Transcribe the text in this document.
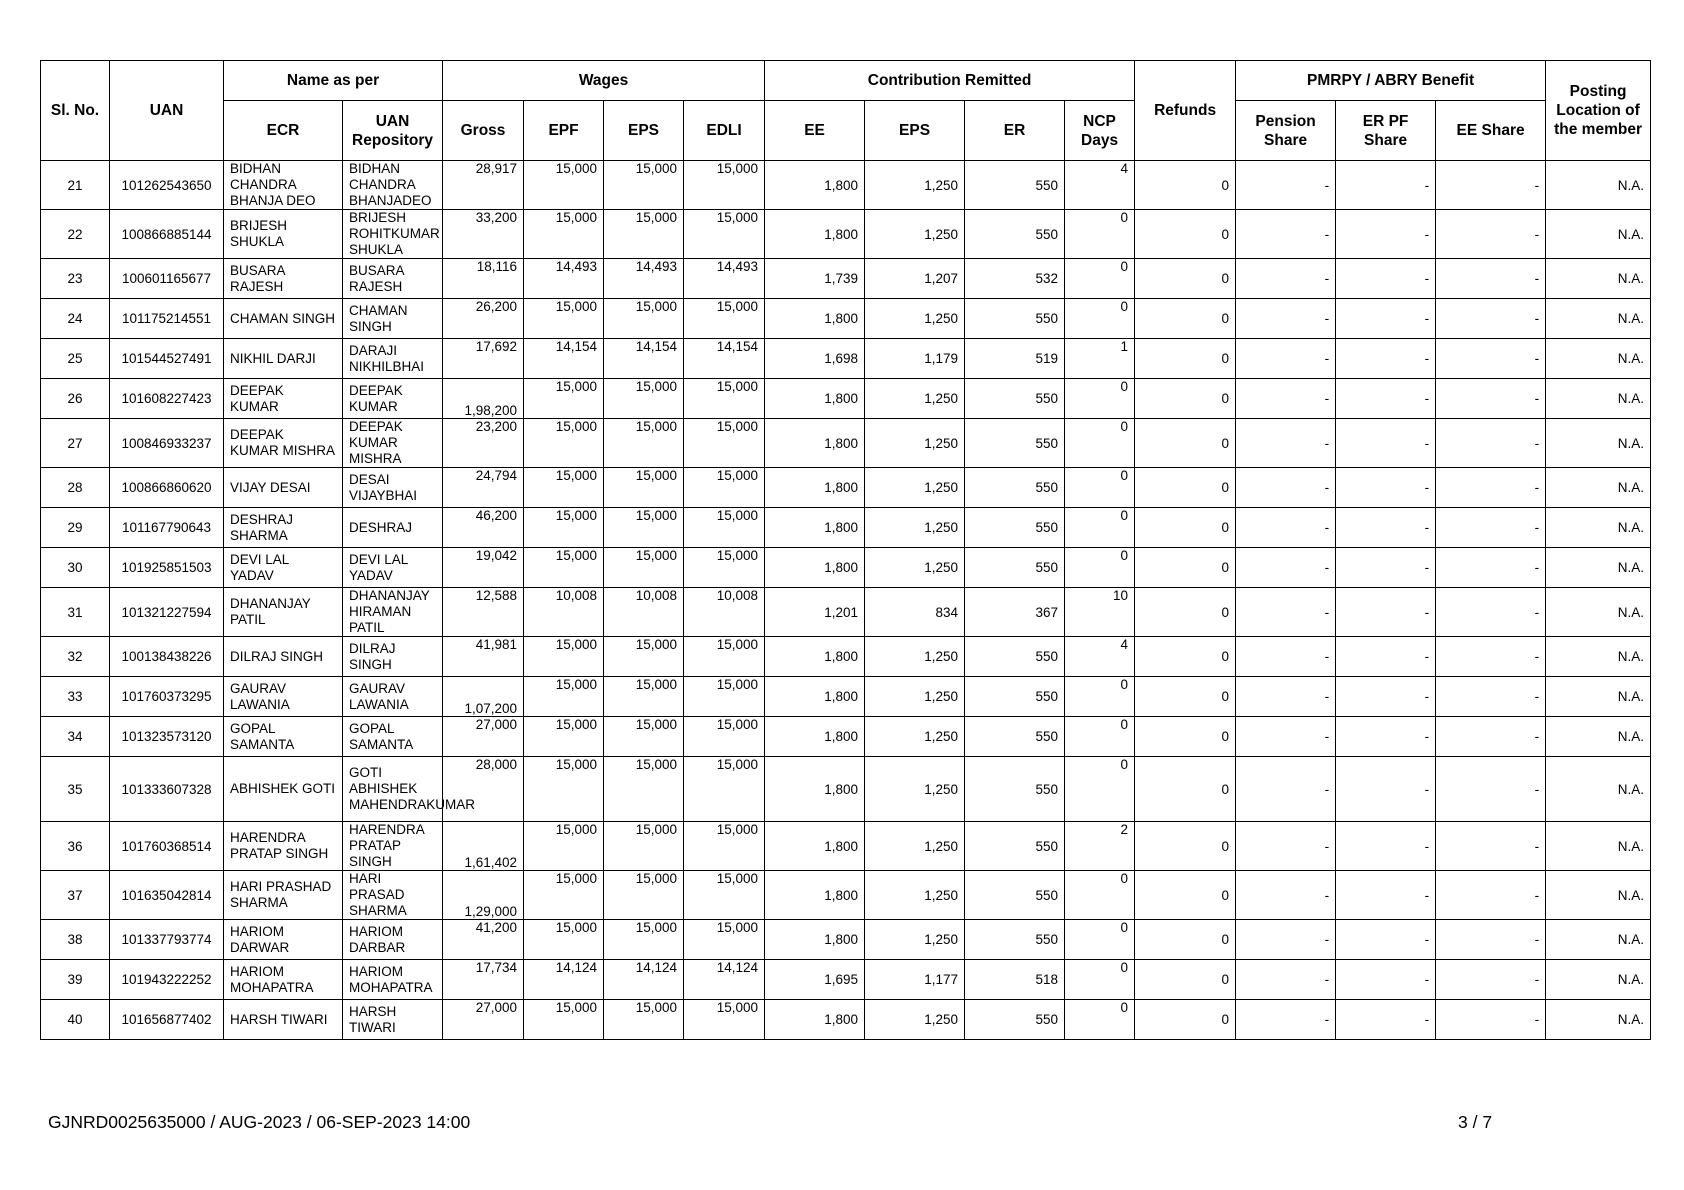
Sl. No.	UAN	Name as per		Wages				Contribution Remitted				Refunds	PMRPY / ABRY Benefit			Posting Location of the member
		ECR	UAN Repository	Gross	EPF	EPS	EDLI	EE	EPS	ER	NCP Days		Pension Share	ER PF Share	EE Share	
21	101262543650	BIDHAN CHANDRA BHANJA DEO	BIDHAN CHANDRA BHANJADEO	28,917	15,000	15,000	15,000	1,800	1,250	550	4	0	-	-	-	N.A.
22	100866885144	BRIJESH SHUKLA	BRIJESH ROHITKUMAR SHUKLA	33,200	15,000	15,000	15,000	1,800	1,250	550	0	0	-	-	-	N.A.
23	100601165677	BUSARA RAJESH	BUSARA RAJESH	18,116	14,493	14,493	14,493	1,739	1,207	532	0	0	-	-	-	N.A.
24	101175214551	CHAMAN SINGH	CHAMAN SINGH	26,200	15,000	15,000	15,000	1,800	1,250	550	0	0	-	-	-	N.A.
25	101544527491	NIKHIL DARJI	DARAJI NIKHILBHAI	17,692	14,154	14,154	14,154	1,698	1,179	519	1	0	-	-	-	N.A.
26	101608227423	DEEPAK KUMAR	DEEPAK KUMAR	1,98,200	15,000	15,000	15,000	1,800	1,250	550	0	0	-	-	-	N.A.
27	100846933237	DEEPAK KUMAR MISHRA	DEEPAK KUMAR MISHRA	23,200	15,000	15,000	15,000	1,800	1,250	550	0	0	-	-	-	N.A.
28	100866860620	VIJAY DESAI	DESAI VIJAYBHAI	24,794	15,000	15,000	15,000	1,800	1,250	550	0	0	-	-	-	N.A.
29	101167790643	DESHRAJ SHARMA	DESHRAJ	46,200	15,000	15,000	15,000	1,800	1,250	550	0	0	-	-	-	N.A.
30	101925851503	DEVI LAL YADAV	DEVI LAL YADAV	19,042	15,000	15,000	15,000	1,800	1,250	550	0	0	-	-	-	N.A.
31	101321227594	DHANANJAY PATIL	DHANANJAY HIRAMAN PATIL	12,588	10,008	10,008	10,008	1,201	834	367	10	0	-	-	-	N.A.
32	100138438226	DILRAJ SINGH	DILRAJ SINGH	41,981	15,000	15,000	15,000	1,800	1,250	550	4	0	-	-	-	N.A.
33	101760373295	GAURAV LAWANIA	GAURAV LAWANIA	1,07,200	15,000	15,000	15,000	1,800	1,250	550	0	0	-	-	-	N.A.
34	101323573120	GOPAL SAMANTA	GOPAL SAMANTA	27,000	15,000	15,000	15,000	1,800	1,250	550	0	0	-	-	-	N.A.
35	101333607328	ABHISHEK GOTI	GOTI ABHISHEK MAHENDRAKUMAR	28,000	15,000	15,000	15,000	1,800	1,250	550	0	0	-	-	-	N.A.
36	101760368514	HARENDRA PRATAP SINGH	HARENDRA PRATAP SINGH	1,61,402	15,000	15,000	15,000	1,800	1,250	550	2	0	-	-	-	N.A.
37	101635042814	HARI PRASHAD SHARMA	HARI PRASAD SHARMA	1,29,000	15,000	15,000	15,000	1,800	1,250	550	0	0	-	-	-	N.A.
38	101337793774	HARIOM DARWAR	HARIOM DARBAR	41,200	15,000	15,000	15,000	1,800	1,250	550	0	0	-	-	-	N.A.
39	101943222252	HARIOM MOHAPATRA	HARIOM MOHAPATRA	17,734	14,124	14,124	14,124	1,695	1,177	518	0	0	-	-	-	N.A.
40	101656877402	HARSH TIWARI	HARSH TIWARI	27,000	15,000	15,000	15,000	1,800	1,250	550	0	0	-	-	-	N.A.
GJNRD0025635000 / AUG-2023 / 06-SEP-2023 14:00	3 / 7
